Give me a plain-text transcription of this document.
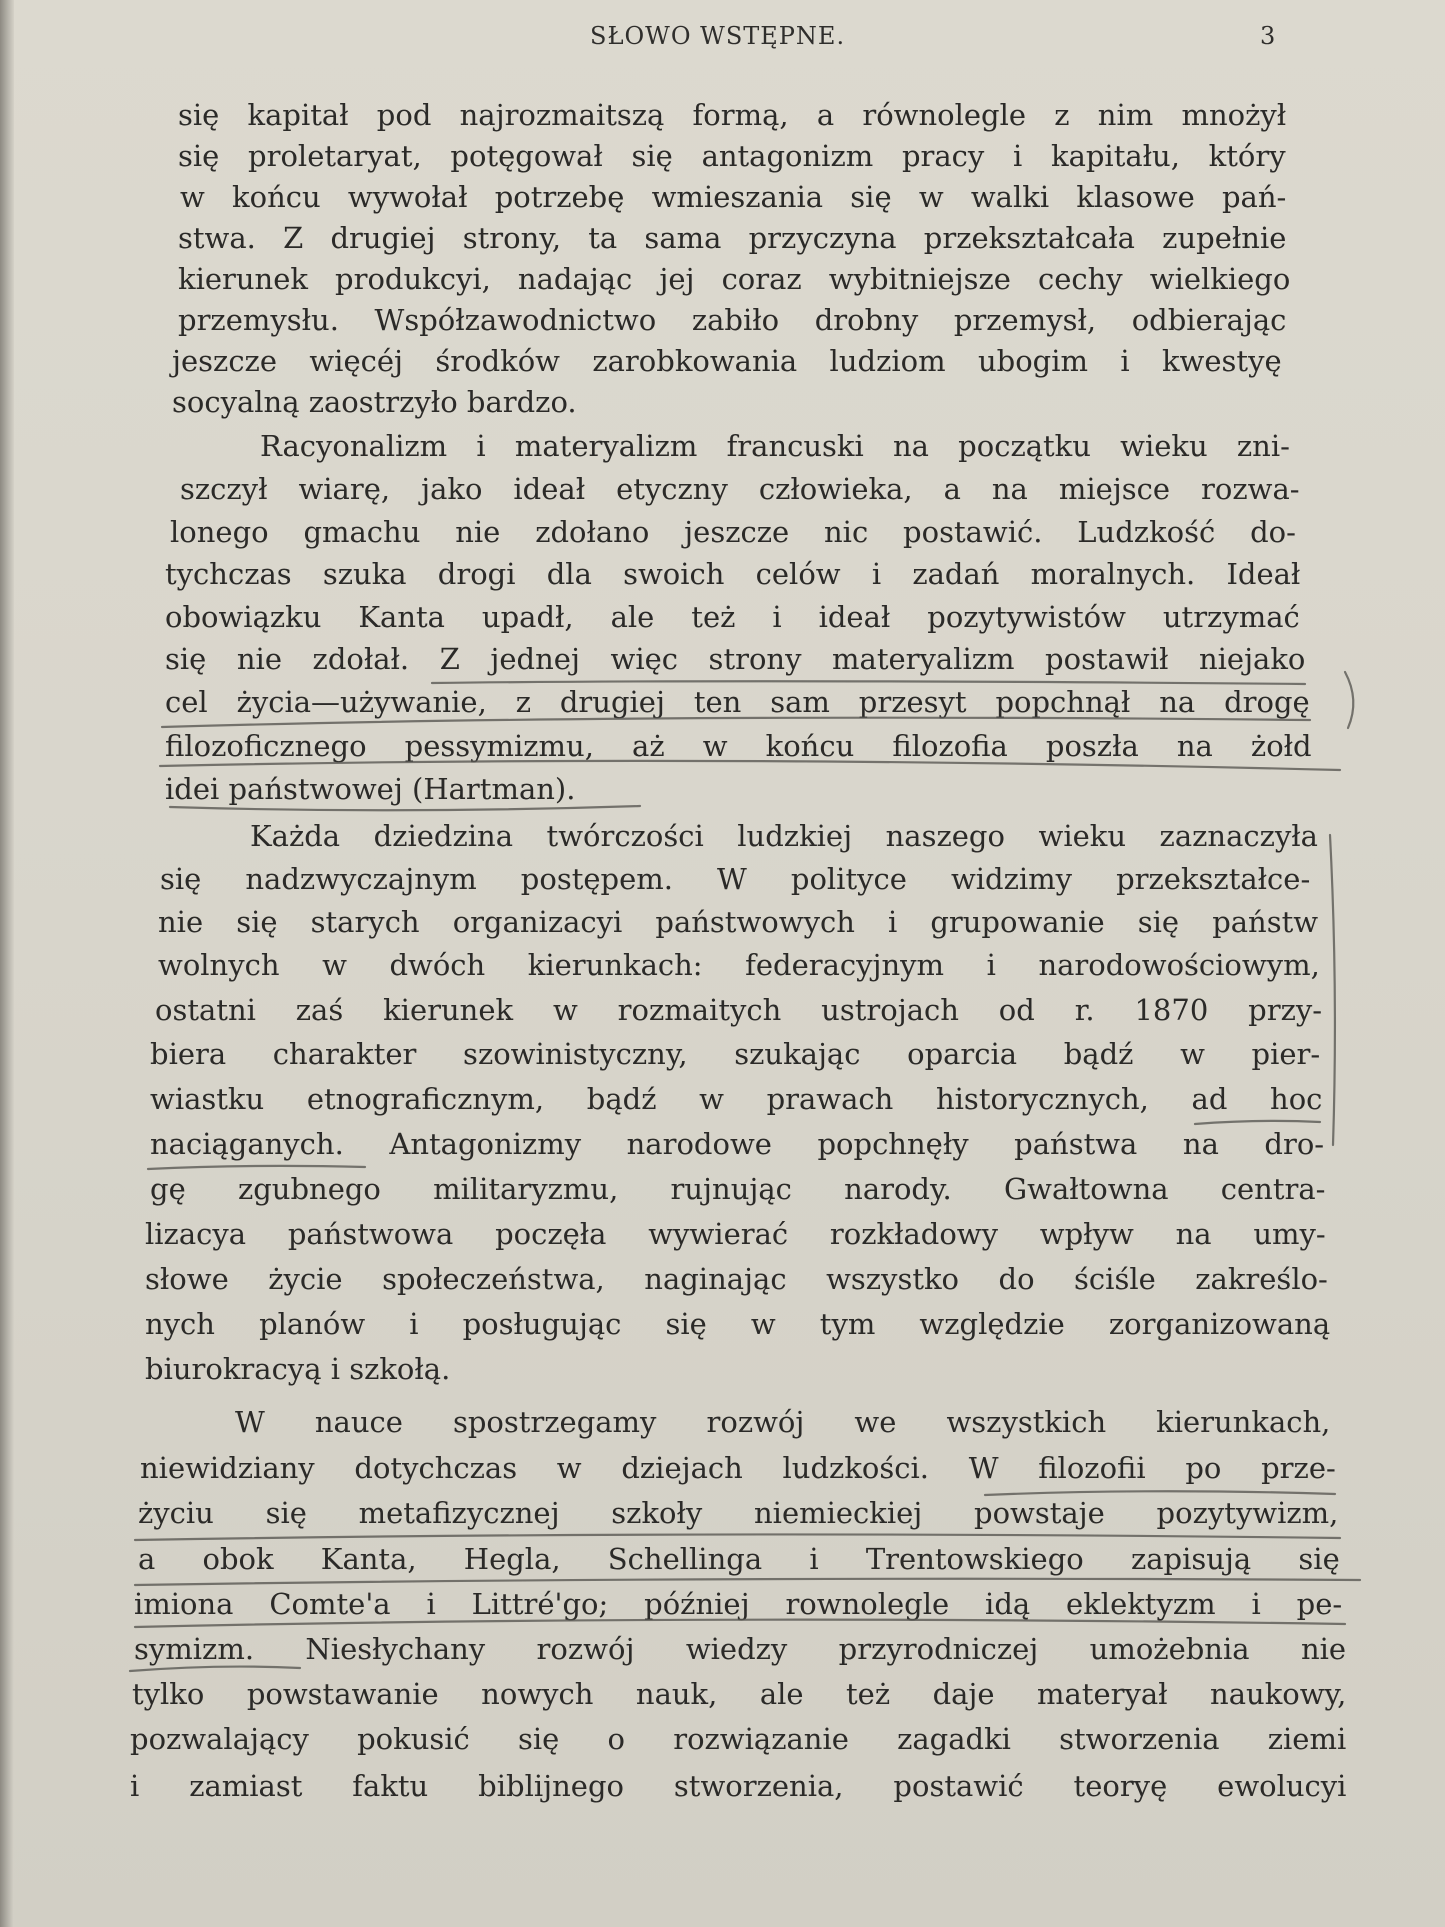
SŁOWO WSTĘPNE.	3
się kapitał pod najrozmaitszą formą, a równolegle z nim mnożył
się proletaryat, potęgował się antagonizm pracy i kapitału, który
w końcu wywołał potrzebę wmieszania się w walki klasowe pań-
stwa. Z drugiej strony, ta sama przyczyna przekształcała zupełnie
kierunek produkcyi, nadając jej coraz wybitniejsze cechy wielkiego
przemysłu. Współzawodnictwo zabiło drobny przemysł, odbierając
jeszcze więcéj środków zarobkowania ludziom ubogim i kwestyę
socyalną zaostrzyło bardzo.
Racyonalizm i materyalizm francuski na początku wieku zni-
szczył wiarę, jako ideał etyczny człowieka, a na miejsce rozwa-
lonego gmachu nie zdołano jeszcze nic postawić. Ludzkość do-
tychczas szuka drogi dla swoich celów i zadań moralnych. Ideał
obowiązku Kanta upadł, ale też i ideał pozytywistów utrzymać
się nie zdołał. Z jednej więc strony materyalizm postawił niejako
cel życia—używanie, z drugiej ten sam przesyt popchnął na drogę
filozoficznego pessymizmu, aż w końcu filozofia poszła na żołd
idei państwowej (Hartman).
Każda dziedzina twórczości ludzkiej naszego wieku zaznaczyła
się nadzwyczajnym postępem. W polityce widzimy przekształce-
nie się starych organizacyi państwowych i grupowanie się państw
wolnych w dwóch kierunkach: federacyjnym i narodowościowym,
ostatni zaś kierunek w rozmaitych ustrojach od r. 1870 przy-
biera charakter szowinistyczny, szukając oparcia bądź w pier-
wiastku etnograficznym, bądź w prawach historycznych, ad hoc
naciąganych. Antagonizmy narodowe popchnęły państwa na dro-
gę zgubnego militaryzmu, rujnując narody. Gwałtowna centra-
lizacya państwowa poczęła wywierać rozkładowy wpływ na umy-
słowe życie społeczeństwa, naginając wszystko do ściśle zakreślo-
nych planów i posługując się w tym względzie zorganizowaną
biurokracyą i szkołą.
W nauce spostrzegamy rozwój we wszystkich kierunkach,
niewidziany dotychczas w dziejach ludzkości. W filozofii po prze-
życiu się metafizycznej szkoły niemieckiej powstaje pozytywizm,
a obok Kanta, Hegla, Schellinga i Trentowskiego zapisują się
imiona Comte'a i Littré'go; później rownolegle idą eklektyzm i pe-
symizm. Niesłychany rozwój wiedzy przyrodniczej umożebnia nie
tylko powstawanie nowych nauk, ale też daje materyał naukowy,
pozwalający pokusić się o rozwiązanie zagadki stworzenia ziemi
i zamiast faktu biblijnego stworzenia, postawić teoryę ewolucyi
